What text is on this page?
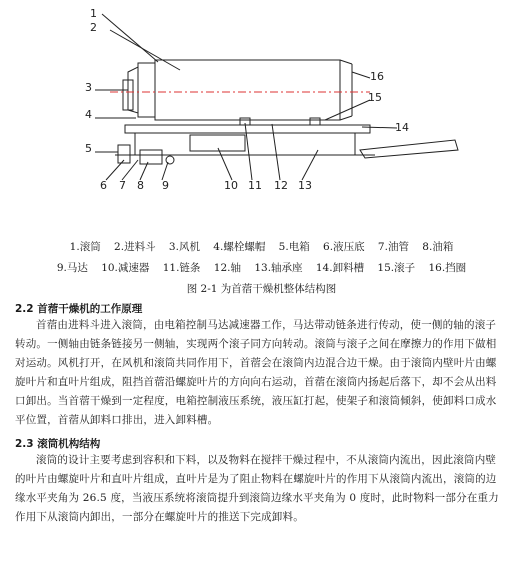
1
2
3
4
5
6 7 8 9	10 11 12 13
14
15
16
1.滚筒 2.进料斗 3.风机 4.螺栓螺帽 5.电箱 6.液压底 7.油管 8.油箱
9.马达 10.减速器 11.链条 12.轴 13.轴承座 14.卸料槽 15.滚子 16.挡圈
图 2-1 为首蓿干燥机整体结构图
2.2 首蓿干燥机的工作原理

首蓿由进料斗进入滚筒，由电箱控制马达减速器工作，马达带动链条进行传动，使一侧的轴的滚子转动。一侧轴由链条链接另一侧轴，实现两个滚子同方向转动。滚筒与滚子之间在摩擦力的作用下做相对运动。风机打开，在风机和滚筒共同作用下，首蓿会在滚筒内边混合边干燥。由于滚筒内壁叶片由螺旋叶片和直叶片组成，阻挡首蓿沿螺旋叶片的方向向右运动，首蓿在滚筒内扬起后落下，却不会从出料口卸出。当首蓿干燥到一定程度，电箱控制液压系统，液压缸打起，使架子和滚筒倾斜，使卸料口成水平位置，首蓿从卸料口排出，进入卸料槽。

2.3 滚筒机构结构

滚筒的设计主要考虑到容积和下料，以及物料在搅拌干燥过程中，不从滚筒内流出，因此滚筒内壁的叶片由螺旋叶片和直叶片组成，直叶片是为了阻止物料在螺旋叶片的作用下从滚筒内流出，滚筒的边缘水平夹角为 26.5 度，当液压系统将滚筒提升到滚筒边缘水平夹角为 0 度时，此时物料一部分在重力作用下从滚筒内卸出，一部分在螺旋叶片的推送下完成卸料。
